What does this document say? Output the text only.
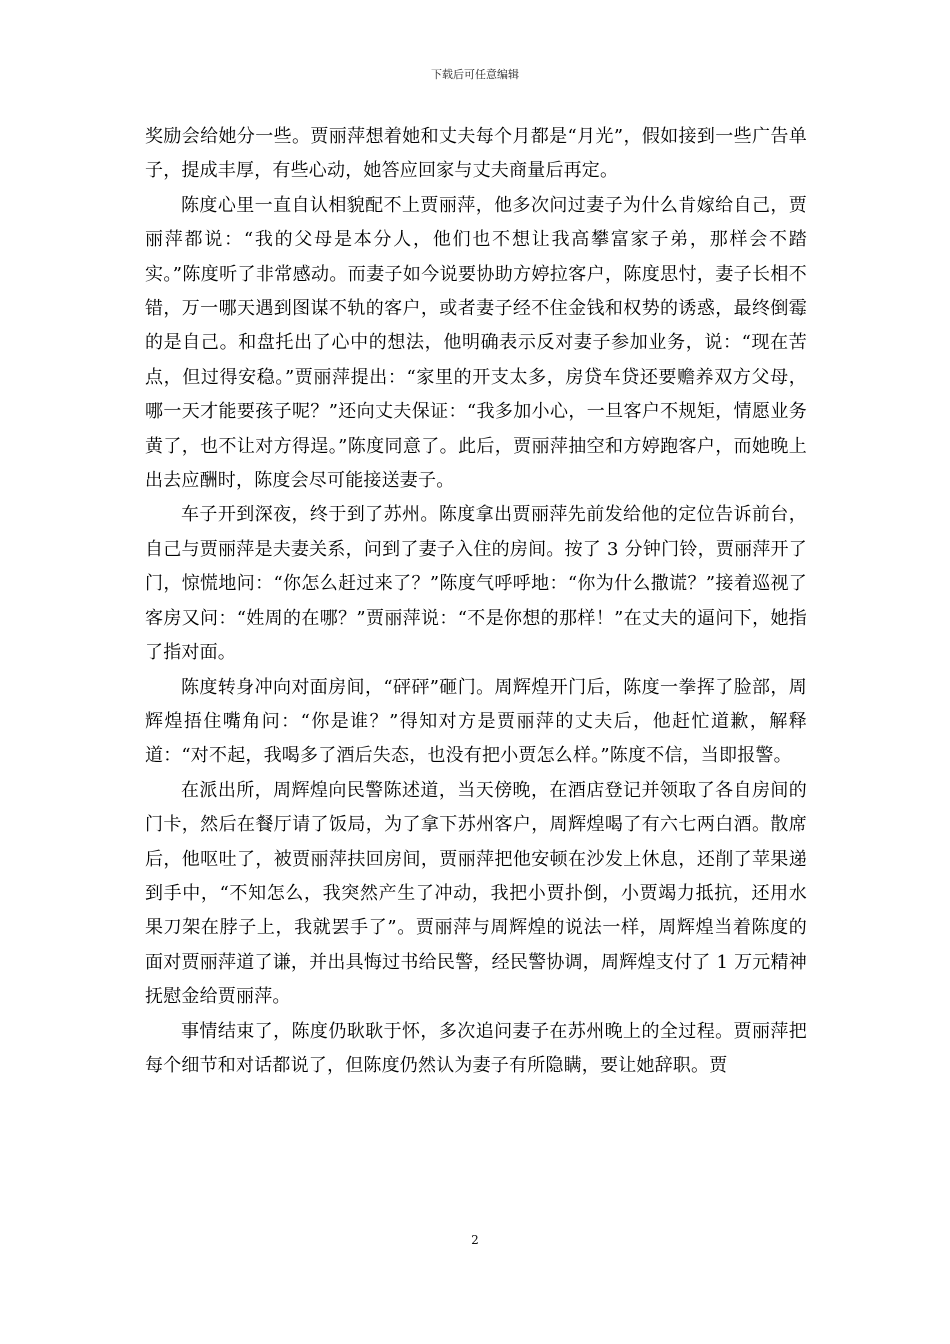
下载后可任意编辑

奖励会给她分一些。贾丽萍想着她和丈夫每个月都是“月光”，假如接到一些广告单子，提成丰厚，有些心动，她答应回家与丈夫商量后再定。

陈度心里一直自认相貌配不上贾丽萍，他多次问过妻子为什么肯嫁给自己，贾丽萍都说：“我的父母是本分人，他们也不想让我高攀富家子弟，那样会不踏实。”陈度听了非常感动。而妻子如今说要协助方婷拉客户，陈度思忖，妻子长相不错，万一哪天遇到图谋不轨的客户，或者妻子经不住金钱和权势的诱惑，最终倒霉的是自己。和盘托出了心中的想法，他明确表示反对妻子参加业务，说：“现在苦点，但过得安稳。”贾丽萍提出：“家里的开支太多，房贷车贷还要赡养双方父母，哪一天才能要孩子呢？”还向丈夫保证：“我多加小心，一旦客户不规矩，情愿业务黄了，也不让对方得逞。”陈度同意了。此后，贾丽萍抽空和方婷跑客户，而她晚上出去应酬时，陈度会尽可能接送妻子。

车子开到深夜，终于到了苏州。陈度拿出贾丽萍先前发给他的定位告诉前台，自己与贾丽萍是夫妻关系，问到了妻子入住的房间。按了 3 分钟门铃，贾丽萍开了门，惊慌地问：“你怎么赶过来了？”陈度气呼呼地：“你为什么撒谎？”接着巡视了客房又问：“姓周的在哪？”贾丽萍说：“不是你想的那样！”在丈夫的逼问下，她指了指对面。

陈度转身冲向对面房间，“砰砰”砸门。周辉煌开门后，陈度一拳挥了脸部，周辉煌捂住嘴角问：“你是谁？”得知对方是贾丽萍的丈夫后，他赶忙道歉，解释道：“对不起，我喝多了酒后失态，也没有把小贾怎么样。”陈度不信，当即报警。

在派出所，周辉煌向民警陈述道，当天傍晚，在酒店登记并领取了各自房间的门卡，然后在餐厅请了饭局，为了拿下苏州客户，周辉煌喝了有六七两白酒。散席后，他呕吐了，被贾丽萍扶回房间，贾丽萍把他安顿在沙发上休息，还削了苹果递到手中，“不知怎么，我突然产生了冲动，我把小贾扑倒，小贾竭力抵抗，还用水果刀架在脖子上，我就罢手了”。贾丽萍与周辉煌的说法一样，周辉煌当着陈度的面对贾丽萍道了谦，并出具悔过书给民警，经民警协调，周辉煌支付了 1 万元精神抚慰金给贾丽萍。

事情结束了，陈度仍耿耿于怀，多次追问妻子在苏州晚上的全过程。贾丽萍把每个细节和对话都说了，但陈度仍然认为妻子有所隐瞒，要让她辞职。贾

2
